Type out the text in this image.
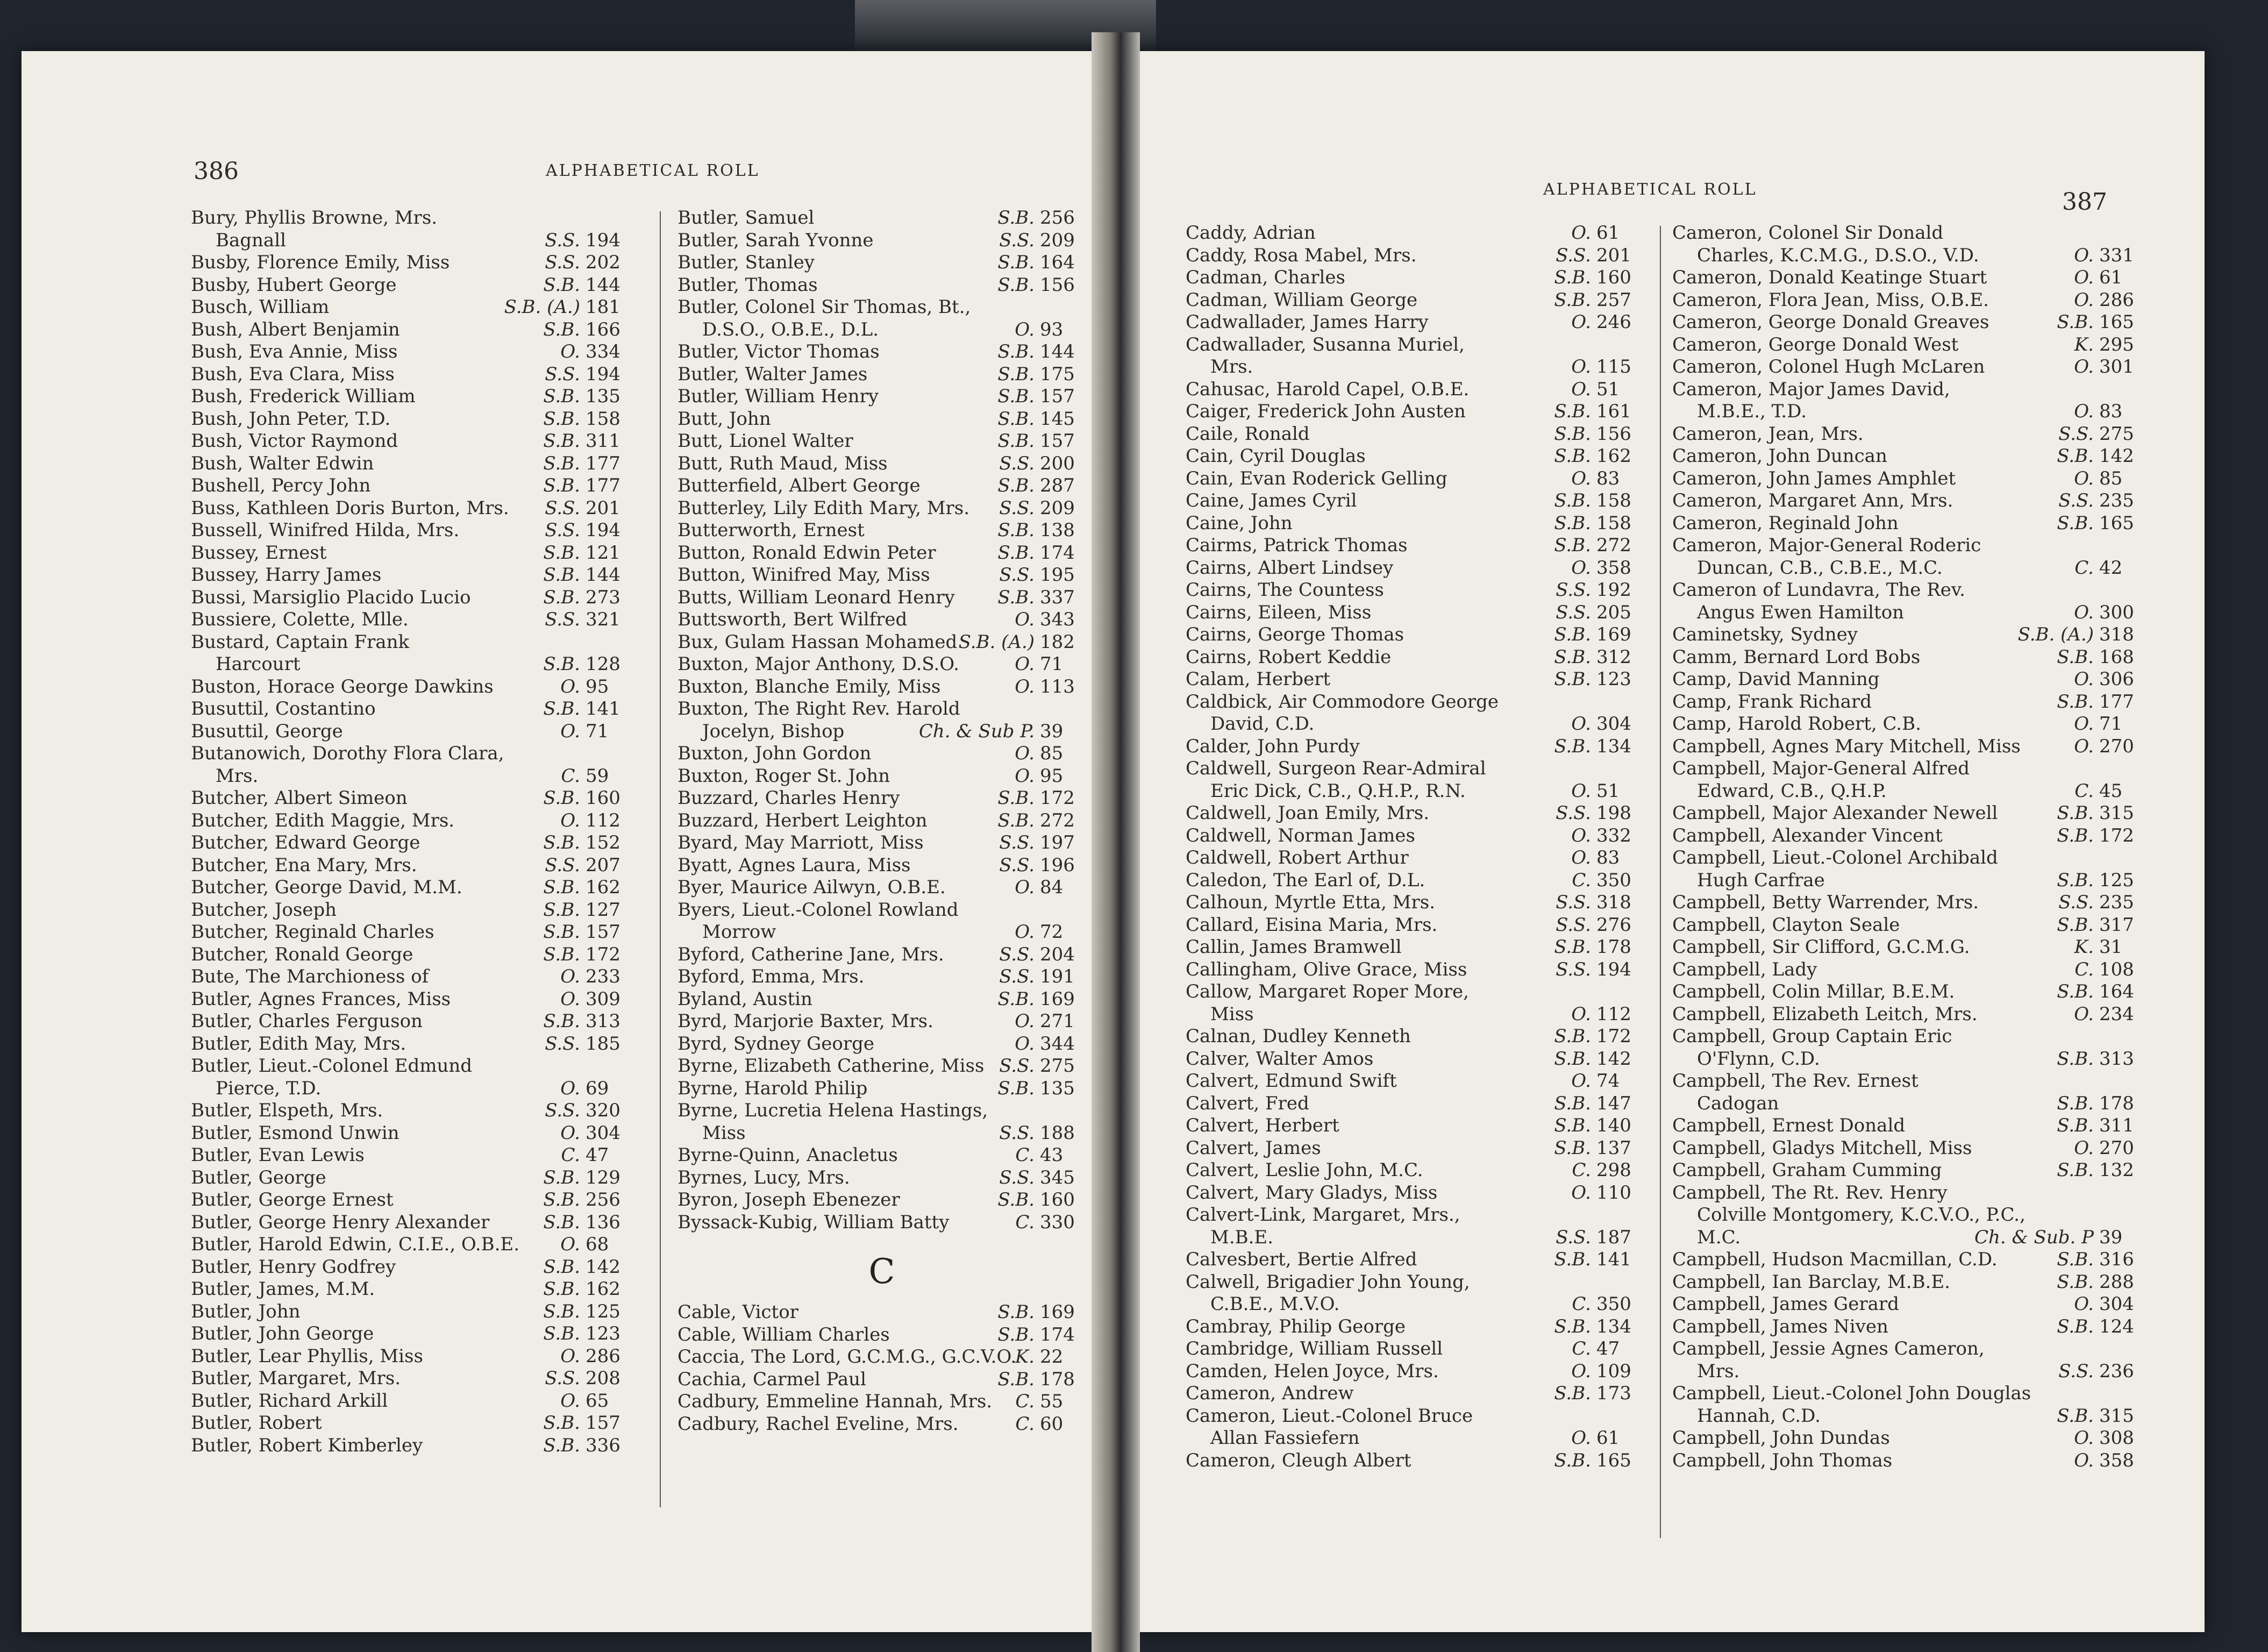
386	ALPHABETICAL ROLL
Bury, Phyllis Browne, Mrs.
Bagnall	S.S. 194
Busby, Florence Emily, Miss	S.S. 202
Busby, Hubert George	S.B. 144
Busch, William	S.B. (A.) 181
Bush, Albert Benjamin	S.B. 166
Bush, Eva Annie, Miss	O. 334
Bush, Eva Clara, Miss	S.S. 194
Bush, Frederick William	S.B. 135
Bush, John Peter, T.D.	S.B. 158
Bush, Victor Raymond	S.B. 311
Bush, Walter Edwin	S.B. 177
Bushell, Percy John	S.B. 177
Buss, Kathleen Doris Burton, Mrs.	S.S. 201
Bussell, Winifred Hilda, Mrs.	S.S. 194
Bussey, Ernest	S.B. 121
Bussey, Harry James	S.B. 144
Bussi, Marsiglio Placido Lucio	S.B. 273
Bussiere, Colette, Mlle.	S.S. 321
Bustard, Captain Frank
Harcourt	S.B. 128
Buston, Horace George Dawkins	O. 95
Busuttil, Costantino	S.B. 141
Busuttil, George	O. 71
Butanowich, Dorothy Flora Clara,
Mrs.	C. 59
Butcher, Albert Simeon	S.B. 160
Butcher, Edith Maggie, Mrs.	O. 112
Butcher, Edward George	S.B. 152
Butcher, Ena Mary, Mrs.	S.S. 207
Butcher, George David, M.M.	S.B. 162
Butcher, Joseph	S.B. 127
Butcher, Reginald Charles	S.B. 157
Butcher, Ronald George	S.B. 172
Bute, The Marchioness of	O. 233
Butler, Agnes Frances, Miss	O. 309
Butler, Charles Ferguson	S.B. 313
Butler, Edith May, Mrs.	S.S. 185
Butler, Lieut.-Colonel Edmund
Pierce, T.D.	O. 69
Butler, Elspeth, Mrs.	S.S. 320
Butler, Esmond Unwin	O. 304
Butler, Evan Lewis	C. 47
Butler, George	S.B. 129
Butler, George Ernest	S.B. 256
Butler, George Henry Alexander	S.B. 136
Butler, Harold Edwin, C.I.E., O.B.E.	O. 68
Butler, Henry Godfrey	S.B. 142
Butler, James, M.M.	S.B. 162
Butler, John	S.B. 125
Butler, John George	S.B. 123
Butler, Lear Phyllis, Miss	O. 286
Butler, Margaret, Mrs.	S.S. 208
Butler, Richard Arkill	O. 65
Butler, Robert	S.B. 157
Butler, Robert Kimberley	S.B. 336
Butler, Samuel	S.B. 256
Butler, Sarah Yvonne	S.S. 209
Butler, Stanley	S.B. 164
Butler, Thomas	S.B. 156
Butler, Colonel Sir Thomas, Bt.,
D.S.O., O.B.E., D.L.	O. 93
Butler, Victor Thomas	S.B. 144
Butler, Walter James	S.B. 175
Butler, William Henry	S.B. 157
Butt, John	S.B. 145
Butt, Lionel Walter	S.B. 157
Butt, Ruth Maud, Miss	S.S. 200
Butterfield, Albert George	S.B. 287
Butterley, Lily Edith Mary, Mrs.	S.S. 209
Butterworth, Ernest	S.B. 138
Button, Ronald Edwin Peter	S.B. 174
Button, Winifred May, Miss	S.S. 195
Butts, William Leonard Henry	S.B. 337
Buttsworth, Bert Wilfred	O. 343
Bux, Gulam Hassan Mohamed S.B. (A.) 182
Buxton, Major Anthony, D.S.O.	O. 71
Buxton, Blanche Emily, Miss	O. 113
Buxton, The Right Rev. Harold
Jocelyn, Bishop	Ch. & Sub P. 39
Buxton, John Gordon	O. 85
Buxton, Roger St. John	O. 95
Buzzard, Charles Henry	S.B. 172
Buzzard, Herbert Leighton	S.B. 272
Byard, May Marriott, Miss	S.S. 197
Byatt, Agnes Laura, Miss	S.S. 196
Byer, Maurice Ailwyn, O.B.E.	O. 84
Byers, Lieut.-Colonel Rowland
Morrow	O. 72
Byford, Catherine Jane, Mrs.	S.S. 204
Byford, Emma, Mrs.	S.S. 191
Byland, Austin	S.B. 169
Byrd, Marjorie Baxter, Mrs.	O. 271
Byrd, Sydney George	O. 344
Byrne, Elizabeth Catherine, Miss S.S. 275
Byrne, Harold Philip	S.B. 135
Byrne, Lucretia Helena Hastings,
Miss	S.S. 188
Byrne-Quinn, Anacletus	C. 43
Byrnes, Lucy, Mrs.	S.S. 345
Byron, Joseph Ebenezer	S.B. 160
Byssack-Kubig, William Batty	C. 330
C
Cable, Victor	S.B. 169
Cable, William Charles	S.B. 174
Caccia, The Lord, G.C.M.G., G.C.V.O.
K. 22
Cachia, Carmel Paul	S.B. 178
Cadbury, Emmeline Hannah, Mrs.	C. 55
Cadbury, Rachel Eveline, Mrs.	C. 60
387
ALPHABETICAL ROLL
Caddy, Adrian	O. 61
Caddy, Rosa Mabel, Mrs.	S.S. 201
Cadman, Charles	S.B. 160
Cadman, William George	S.B. 257
Cadwallader, James Harry	O. 246
Cadwallader, Susanna Muriel,
Mrs.	O. 115
Cahusac, Harold Capel, O.B.E.	O. 51
Caiger, Frederick John Austen	S.B. 161
Caile, Ronald	S.B. 156
Cain, Cyril Douglas	S.B. 162
Cain, Evan Roderick Gelling	O. 83
Caine, James Cyril	S.B. 158
Caine, John	S.B. 158
Cairms, Patrick Thomas	S.B. 272
Cairns, Albert Lindsey	O. 358
Cairns, The Countess	S.S. 192
Cairns, Eileen, Miss	S.S. 205
Cairns, George Thomas	S.B. 169
Cairns, Robert Keddie	S.B. 312
Calam, Herbert	S.B. 123
Caldbick, Air Commodore George
David, C.D.	O. 304
Calder, John Purdy	S.B. 134
Caldwell, Surgeon Rear-Admiral
Eric Dick, C.B., Q.H.P., R.N.	O. 51
Caldwell, Joan Emily, Mrs.	S.S. 198
Caldwell, Norman James	O. 332
Caldwell, Robert Arthur	O. 83
Caledon, The Earl of, D.L.	C. 350
Calhoun, Myrtle Etta, Mrs.	S.S. 318
Callard, Eisina Maria, Mrs.	S.S. 276
Callin, James Bramwell	S.B. 178
Callingham, Olive Grace, Miss	S.S. 194
Callow, Margaret Roper More,
Miss	O. 112
Calnan, Dudley Kenneth	S.B. 172
Calver, Walter Amos	S.B. 142
Calvert, Edmund Swift	O. 74
Calvert, Fred	S.B. 147
Calvert, Herbert	S.B. 140
Calvert, James	S.B. 137
Calvert, Leslie John, M.C.	C. 298
Calvert, Mary Gladys, Miss	O. 110
Calvert-Link, Margaret, Mrs.,
M.B.E.	S.S. 187
Calvesbert, Bertie Alfred	S.B. 141
Calwell, Brigadier John Young,
C.B.E., M.V.O.	C. 350
Cambray, Philip George	S.B. 134
Cambridge, William Russell	C. 47
Camden, Helen Joyce, Mrs.	O. 109
Cameron, Andrew	S.B. 173
Cameron, Lieut.-Colonel Bruce
Allan Fassiefern	O. 61
Cameron, Cleugh Albert	S.B. 165
Cameron, Colonel Sir Donald
Charles, K.C.M.G., D.S.O., V.D.	O. 331
Cameron, Donald Keatinge Stuart	O. 61
Cameron, Flora Jean, Miss, O.B.E.	O. 286
Cameron, George Donald Greaves	S.B. 165
Cameron, George Donald West	K. 295
Cameron, Colonel Hugh McLaren	O. 301
Cameron, Major James David,
M.B.E., T.D.	O. 83
Cameron, Jean, Mrs.	S.S. 275
Cameron, John Duncan	S.B. 142
Cameron, John James Amphlet	O. 85
Cameron, Margaret Ann, Mrs.	S.S. 235
Cameron, Reginald John	S.B. 165
Cameron, Major-General Roderic
Duncan, C.B., C.B.E., M.C.	C. 42
Cameron of Lundavra, The Rev.
Angus Ewen Hamilton	O. 300
Caminetsky, Sydney	S.B. (A.) 318
Camm, Bernard Lord Bobs	S.B. 168
Camp, David Manning	O. 306
Camp, Frank Richard	S.B. 177
Camp, Harold Robert, C.B.	O. 71
Campbell, Agnes Mary Mitchell, Miss	O. 270
Campbell, Major-General Alfred
Edward, C.B., Q.H.P.	C. 45
Campbell, Major Alexander Newell	S.B. 315
Campbell, Alexander Vincent	S.B. 172
Campbell, Lieut.-Colonel Archibald
Hugh Carfrae	S.B. 125
Campbell, Betty Warrender, Mrs.	S.S. 235
Campbell, Clayton Seale	S.B. 317
Campbell, Sir Clifford, G.C.M.G.	K. 31
Campbell, Lady	C. 108
Campbell, Colin Millar, B.E.M.	S.B. 164
Campbell, Elizabeth Leitch, Mrs.	O. 234
Campbell, Group Captain Eric
O'Flynn, C.D.	S.B. 313
Campbell, The Rev. Ernest
Cadogan	S.B. 178
Campbell, Ernest Donald	S.B. 311
Campbell, Gladys Mitchell, Miss	O. 270
Campbell, Graham Cumming	S.B. 132
Campbell, The Rt. Rev. Henry
Colville Montgomery, K.C.V.O., P.C.,
M.C.	Ch. & Sub. P 39
Campbell, Hudson Macmillan, C.D.	S.B. 316
Campbell, Ian Barclay, M.B.E.	S.B. 288
Campbell, James Gerard	O. 304
Campbell, James Niven	S.B. 124
Campbell, Jessie Agnes Cameron,
Mrs.	S.S. 236
Campbell, Lieut.-Colonel John Douglas
Hannah, C.D.	S.B. 315
Campbell, John Dundas	O. 308
Campbell, John Thomas	O. 358
